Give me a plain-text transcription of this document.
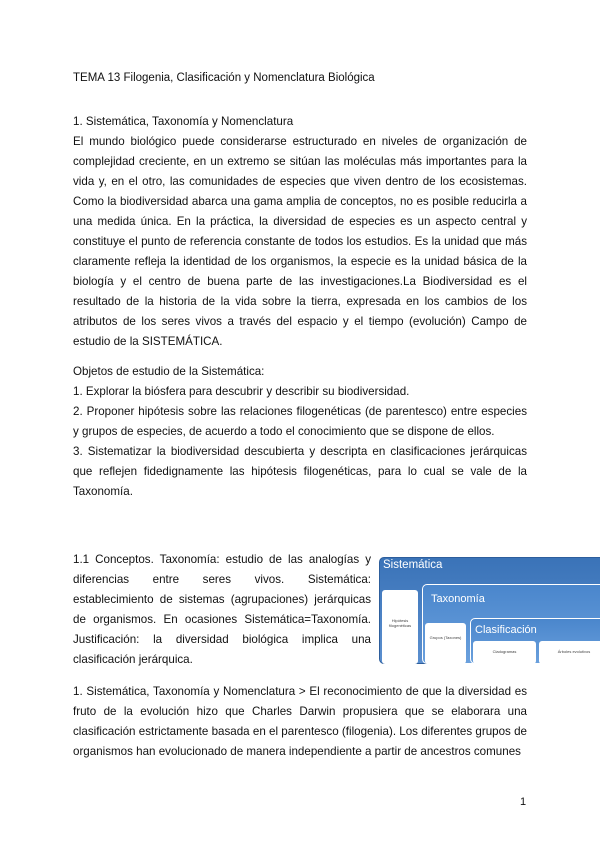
TEMA 13 Filogenia, Clasificación y Nomenclatura Biológica
1. Sistemática, Taxonomía y Nomenclatura

El mundo biológico puede considerarse estructurado en niveles de organización de complejidad creciente, en un extremo se sitúan las moléculas más importantes para la vida y, en el otro, las comunidades de especies que viven dentro de los ecosistemas. Como la biodiversidad abarca una gama amplia de conceptos, no es posible reducirla a una medida única. En la práctica, la diversidad de especies es un aspecto central y constituye el punto de referencia constante de todos los estudios. Es la unidad que más claramente refleja la identidad de los organismos, la especie es la unidad básica de la biología y el centro de buena parte de las investigaciones.La Biodiversidad es el resultado de la historia de la vida sobre la tierra, expresada en los cambios de los atributos de los seres vivos a través del espacio y el tiempo (evolución) Campo de estudio de la SISTEMÁTICA.

Objetos de estudio de la Sistemática:

1. Explorar la biósfera para descubrir y describir su biodiversidad.

2. Proponer hipótesis sobre las relaciones filogenéticas (de parentesco) entre especies y grupos de especies, de acuerdo a todo el conocimiento que se dispone de ellos.

3. Sistematizar la biodiversidad descubierta y descripta en clasificaciones jerárquicas que reflejen fidedignamente las hipótesis filogenéticas, para lo cual se vale de la Taxonomía.

1.1 Conceptos. Taxonomía: estudio de las analogías y diferencias entre seres vivos. Sistemática: establecimiento de sistemas (agrupaciones) jerárquicas de organismos. En ocasiones Sistemática=Taxonomía. Justificación: la diversidad biológica implica una clasificación jerárquica.

Sistemática
Hipótesis filogenéticas
Taxonomía
Grupos (Taxones)
Clasificación
Cladogramas	Árboles evolutivos

1. Sistemática, Taxonomía y Nomenclatura > El reconocimiento de que la diversidad es fruto de la evolución hizo que Charles Darwin propusiera que se elaborara una clasificación estrictamente basada en el parentesco (filogenia). Los diferentes grupos de organismos han evolucionado de manera independiente a partir de ancestros comunes

1
